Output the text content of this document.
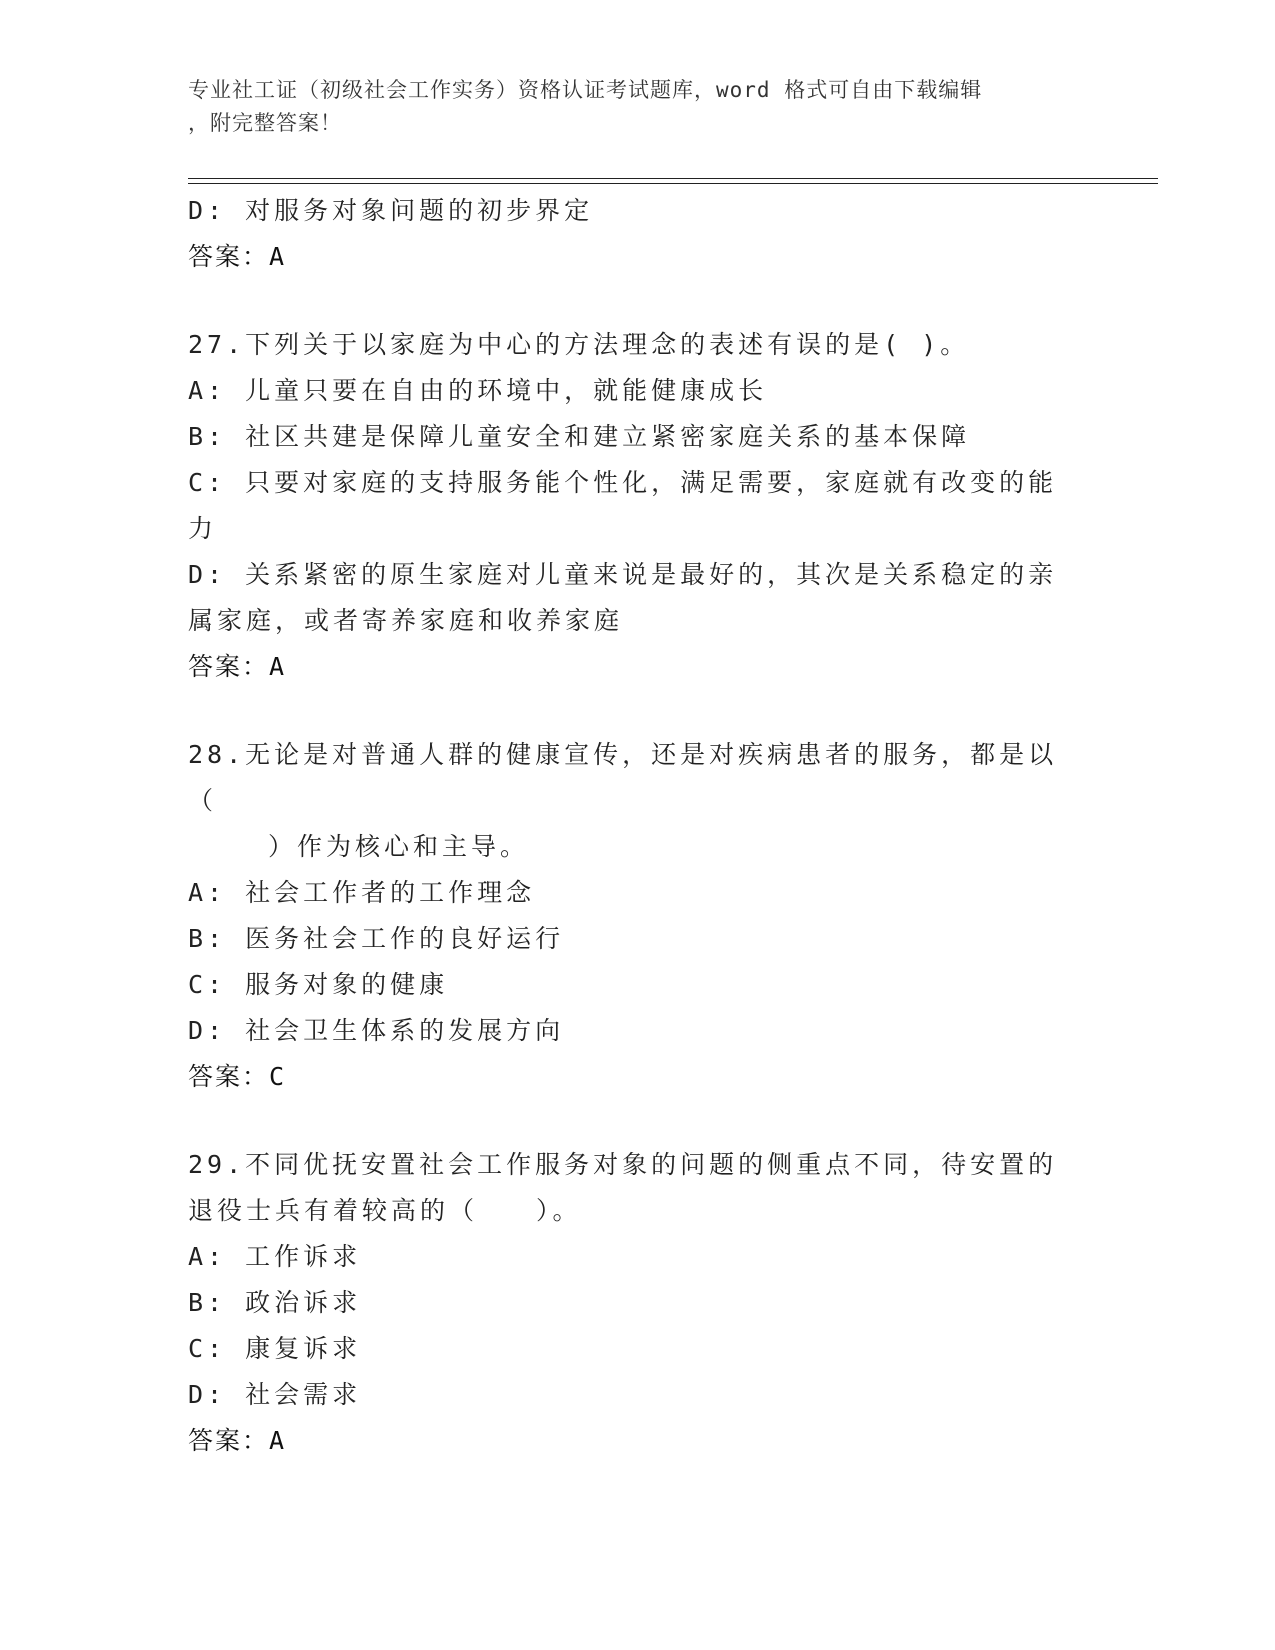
专业社工证（初级社会工作实务）资格认证考试题库，word 格式可自由下载编辑
，附完整答案！
D: 对服务对象问题的初步界定
答案：A
27.下列关于以家庭为中心的方法理念的表述有误的是( )。
A: 儿童只要在自由的环境中，就能健康成长
B: 社区共建是保障儿童安全和建立紧密家庭关系的基本保障
C: 只要对家庭的支持服务能个性化，满足需要，家庭就有改变的能力
D: 关系紧密的原生家庭对儿童来说是最好的，其次是关系稳定的亲属家庭，或者寄养家庭和收养家庭
答案：A
28.无论是对普通人群的健康宣传，还是对疾病患者的服务，都是以（
）作为核心和主导。
A: 社会工作者的工作理念
B: 医务社会工作的良好运行
C: 服务对象的健康
D: 社会卫生体系的发展方向
答案：C
29.不同优抚安置社会工作服务对象的问题的侧重点不同，待安置的退役士兵有着较高的（　　）。
A: 工作诉求
B: 政治诉求
C: 康复诉求
D: 社会需求
答案：A
